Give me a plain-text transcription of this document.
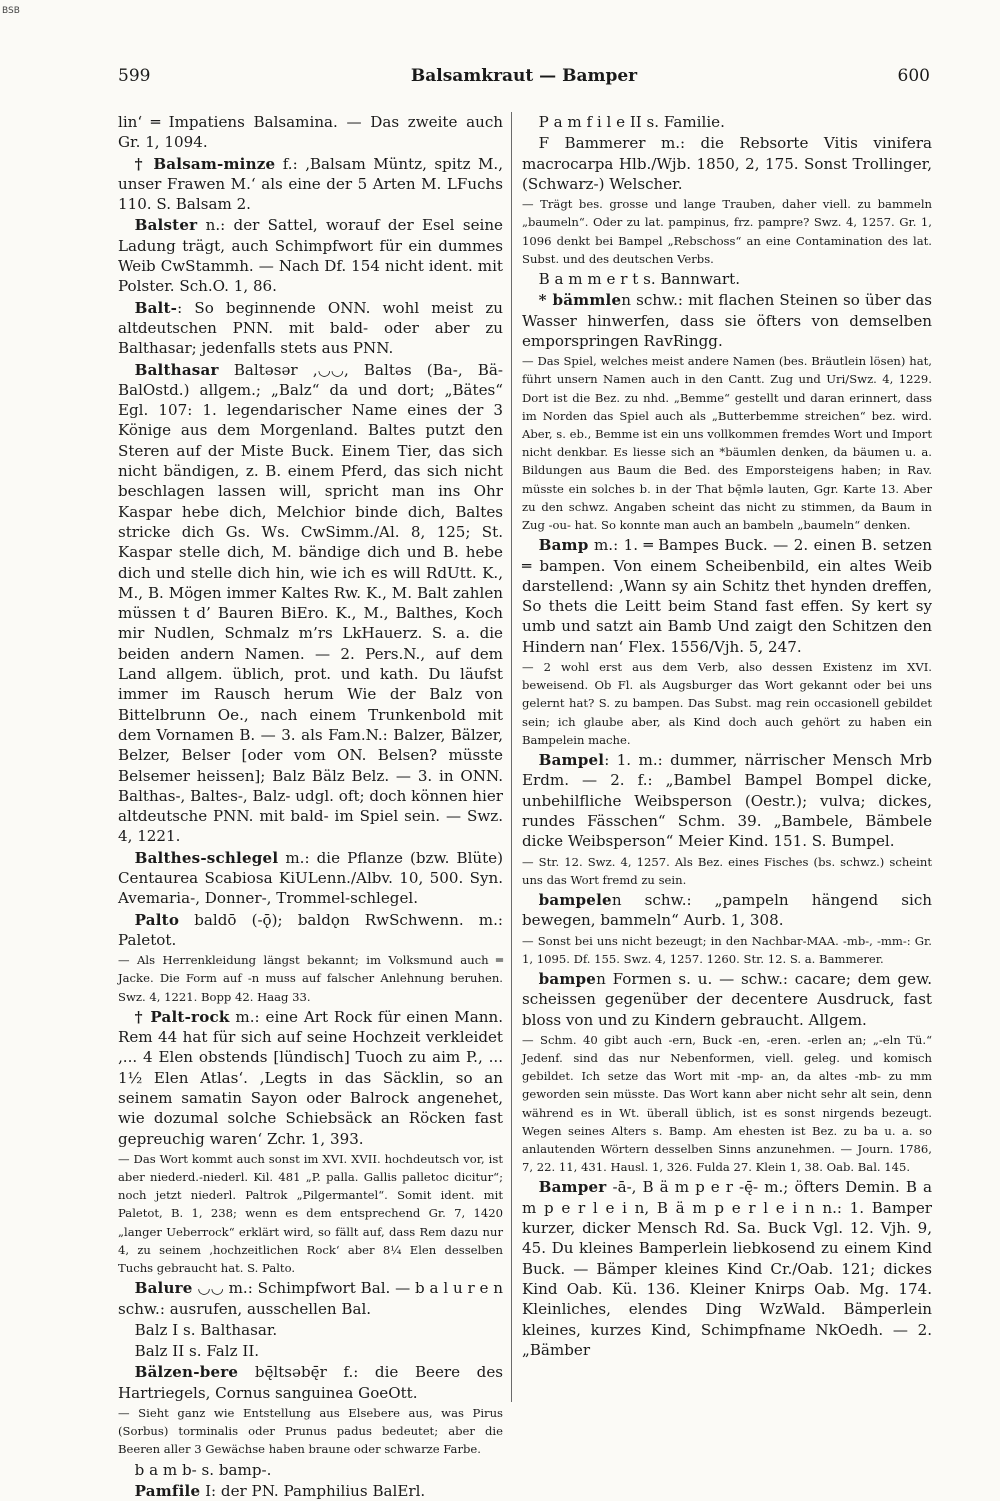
BSB
599	Balsamkraut — Bamper	600

lin‘ ═ Impatiens Balsamina. — Das zweite auch Gr. 1, 1094.

† Balsam-minze f.: ‚Balsam Müntz, spitz M., unser Frawen M.‘ als eine der 5 Arten M. LFuchs 110. S. Balsam 2.

Balster n.: der Sattel, worauf der Esel seine Ladung trägt, auch Schimpfwort für ein dummes Weib CwStammh. — Nach Df. 154 nicht ident. mit Polster. Sch.O. 1, 86.

Balt-: So beginnende ONN. wohl meist zu altdeutschen PNN. mit bald- oder aber zu Balthasar; jedenfalls stets aus PNN.

Balthasar Baltəsər ‚◡◡, Baltəs (Ba-, Bä- BalOstd.) allgem.; „Balz“ da und dort; „Bätes“ Egl. 107: 1. legendarischer Name eines der 3 Könige aus dem Morgenland. Baltes putzt den Steren auf der Miste Buck. Einem Tier, das sich nicht bändigen, z. B. einem Pferd, das sich nicht beschlagen lassen will, spricht man ins Ohr Kaspar hebe dich, Melchior binde dich, Baltes stricke dich Gs. Ws. CwSimm./Al. 8, 125; St. Kaspar stelle dich, M. bändige dich und B. hebe dich und stelle dich hin, wie ich es will RdUtt. K., M., B. Mögen immer Kaltes Rw. K., M. Balt zahlen müssen t d’ Bauren BiEro. K., M., Balthes, Koch mir Nudlen, Schmalz m’rs LkHauerz. S. a. die beiden andern Namen. — 2. Pers.N., auf dem Land allgem. üblich, prot. und kath. Du läufst immer im Rausch herum Wie der Balz von Bittelbrunn Oe., nach einem Trunkenbold mit dem Vornamen B. — 3. als Fam.N.: Balzer, Bälzer, Belzer, Belser [oder vom ON. Belsen? müsste Belsemer heissen]; Balz Bälz Belz. — 3. in ONN. Balthas-, Baltes-, Balz- udgl. oft; doch können hier altdeutsche PNN. mit bald- im Spiel sein. — Swz. 4, 1221.

Balthes-schlegel m.: die Pflanze (bzw. Blüte) Centaurea Scabiosa KiULenn./Albv. 10, 500. Syn. Avemaria-, Donner-, Trommel-schlegel.

Palto baldō (-ǭ); baldǫn RwSchwenn. m.: Paletot.

— Als Herrenkleidung längst bekannt; im Volksmund auch ═ Jacke. Die Form auf -n muss auf falscher Anlehnung beruhen. Swz. 4, 1221. Bopp 42. Haag 33.

† Palt-rock m.: eine Art Rock für einen Mann. Rem 44 hat für sich auf seine Hochzeit verkleidet ‚... 4 Elen obstends [lündisch] Tuoch zu aim P., ... 1½ Elen Atlas‘. ‚Legts in das Säcklin, so an seinem samatin Sayon oder Balrock angenehet, wie dozumal solche Schiebsäck an Röcken fast gepreuchig waren‘ Zchr. 1, 393.

— Das Wort kommt auch sonst im XVI. XVII. hochdeutsch vor, ist aber niederd.-niederl. Kil. 481 „P. palla. Gallis palletoc dicitur“; noch jetzt niederl. Paltrok „Pilgermantel“. Somit ident. mit Paletot, B. 1, 238; wenn es dem entsprechend Gr. 7, 1420 „langer Ueberrock“ erklärt wird, so fällt auf, dass Rem dazu nur 4, zu seinem ‚hochzeitlichen Rock‘ aber 8¼ Elen desselben Tuchs gebraucht hat. S. Palto.

Balure ◡◡ m.: Schimpfwort Bal. — b a l u r e n schw.: ausrufen, ausschellen Bal.

Balz I s. Balthasar.

Balz II s. Falz II.

Bälzen-bere bę̄ltsəbę̄r f.: die Beere des Hartriegels, Cornus sanguinea GoeOtt.

— Sieht ganz wie Entstellung aus Elsebere aus, was Pirus (Sorbus) torminalis oder Prunus padus bedeutet; aber die Beeren aller 3 Gewächse haben braune oder schwarze Farbe.

b a m b- s. bamp-.

Pamfile I: der PN. Pamphilius BalErl.

P a m f i l e II s. Familie.

F Bammerer m.: die Rebsorte Vitis vinifera macrocarpa Hlb./Wjb. 1850, 2, 175. Sonst Trollinger, (Schwarz-) Welscher.

— Trägt bes. grosse und lange Trauben, daher viell. zu bammeln „baumeln“. Oder zu lat. pampinus, frz. pampre? Swz. 4, 1257. Gr. 1, 1096 denkt bei Bampel „Rebschoss“ an eine Contamination des lat. Subst. und des deutschen Verbs.

B a m m e r t s. Bannwart.

* bämmlen schw.: mit flachen Steinen so über das Wasser hinwerfen, dass sie öfters von demselben emporspringen RavRingg.

— Das Spiel, welches meist andere Namen (bes. Bräutlein lösen) hat, führt unsern Namen auch in den Cantt. Zug und Uri/Swz. 4, 1229. Dort ist die Bez. zu nhd. „Bemme“ gestellt und daran erinnert, dass im Norden das Spiel auch als „Butterbemme streichen“ bez. wird. Aber, s. eb., Bemme ist ein uns vollkommen fremdes Wort und Import nicht denkbar. Es liesse sich an *bäumlen denken, da bäumen u. a. Bildungen aus Baum die Bed. des Emporsteigens haben; in Rav. müsste ein solches b. in der That bę̄mlə lauten, Ggr. Karte 13. Aber zu den schwz. Angaben scheint das nicht zu stimmen, da Baum in Zug -ou- hat. So konnte man auch an bambeln „baumeln“ denken.

Bamp m.: 1. ═ Bampes Buck. — 2. einen B. setzen ═ bampen. Von einem Scheibenbild, ein altes Weib darstellend: ‚Wann sy ain Schitz thet hynden dreffen, So thets die Leitt beim Stand fast effen. Sy kert sy umb und satzt ain Bamb Und zaigt den Schitzen den Hindern nan‘ Flex. 1556/Vjh. 5, 247.

— 2 wohl erst aus dem Verb, also dessen Existenz im XVI. beweisend. Ob Fl. als Augsburger das Wort gekannt oder bei uns gelernt hat? S. zu bampen. Das Subst. mag rein occasionell gebildet sein; ich glaube aber, als Kind doch auch gehört zu haben ein Bampelein mache.

Bampel: 1. m.: dummer, närrischer Mensch Mrb Erdm. — 2. f.: „Bambel Bampel Bompel dicke, unbehilfliche Weibsperson (Oestr.); vulva; dickes, rundes Fässchen“ Schm. 39. „Bambele, Bämbele dicke Weibsperson“ Meier Kind. 151. S. Bumpel.

— Str. 12. Swz. 4, 1257. Als Bez. eines Fisches (bs. schwz.) scheint uns das Wort fremd zu sein.

bampelen schw.: „pampeln hängend sich bewegen, bammeln“ Aurb. 1, 308.

— Sonst bei uns nicht bezeugt; in den Nachbar-MAA. -mb-, -mm-: Gr. 1, 1095. Df. 155. Swz. 4, 1257. 1260. Str. 12. S. a. Bammerer.

bampen Formen s. u. — schw.: cacare; dem gew. scheissen gegenüber der decentere Ausdruck, fast bloss von und zu Kindern gebraucht. Allgem.

— Schm. 40 gibt auch -ern, Buck -en, -eren. -erlen an; „-eln Tü.“ Jedenf. sind das nur Nebenformen, viell. geleg. und komisch gebildet. Ich setze das Wort mit -mp- an, da altes -mb- zu mm geworden sein müsste. Das Wort kann aber nicht sehr alt sein, denn während es in Wt. überall üblich, ist es sonst nirgends bezeugt. Wegen seines Alters s. Bamp. Am ehesten ist Bez. zu ba u. a. so anlautenden Wörtern desselben Sinns anzunehmen. — Journ. 1786, 7, 22. 11, 431. Hausl. 1, 326. Fulda 27. Klein 1, 38. Oab. Bal. 145.

Bamper -ā-, B ä m p e r -ę̄- m.; öfters Demin. B a m p e r l e i n, B ä m p e r l e i n n.: 1. Bamper kurzer, dicker Mensch Rd. Sa. Buck Vgl. 12. Vjh. 9, 45. Du kleines Bamperlein liebkosend zu einem Kind Buck. — Bämper kleines Kind Cr./Oab. 121; dickes Kind Oab. Kü. 136. Kleiner Knirps Oab. Mg. 174. Kleinliches, elendes Ding WzWald. Bämperlein kleines, kurzes Kind, Schimpfname NkOedh. — 2. „Bämber
